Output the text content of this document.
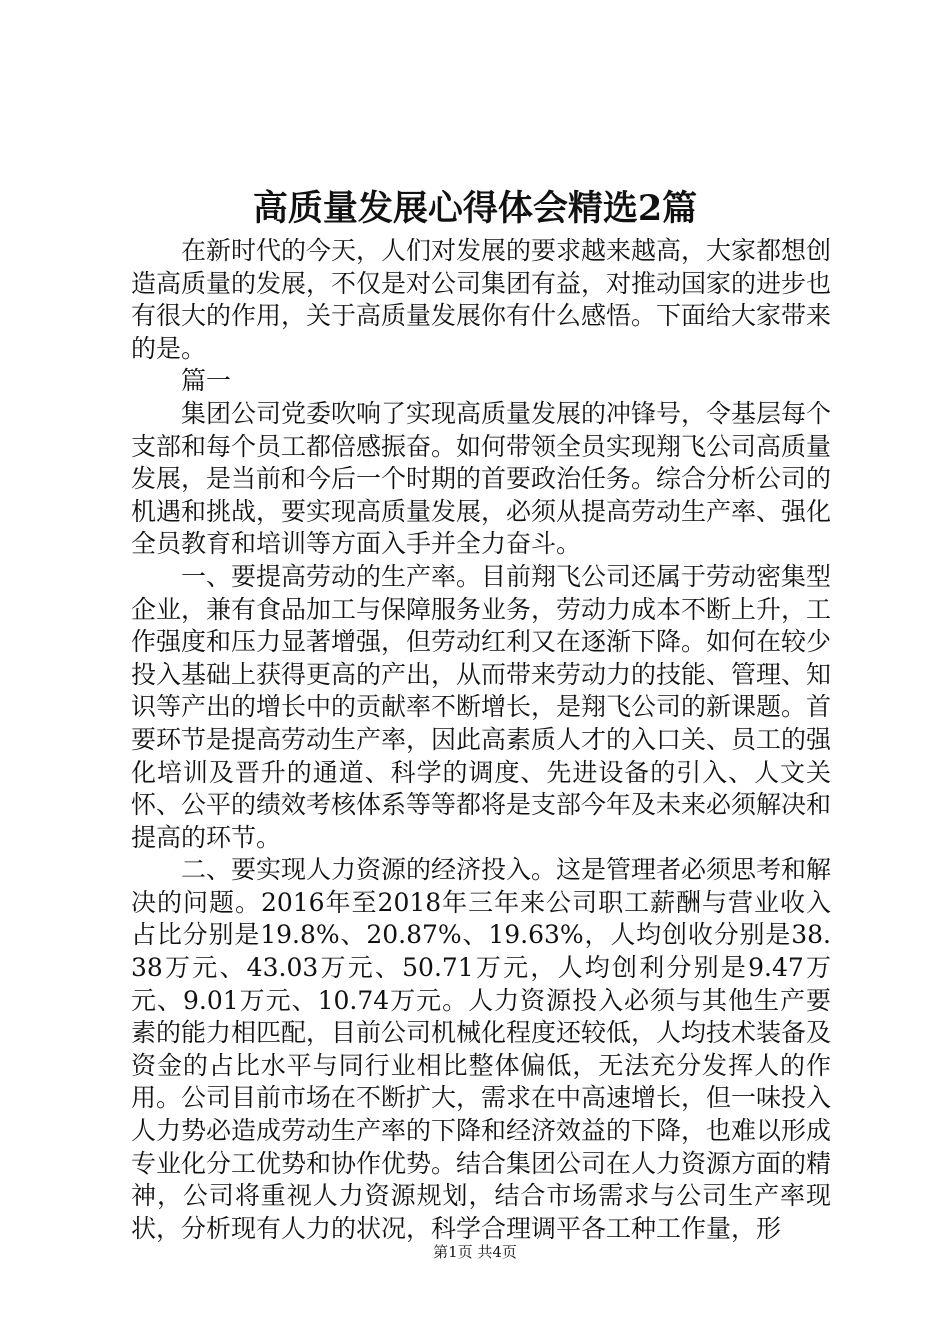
高质量发展心得体会精选2篇

在新时代的今天，人们对发展的要求越来越高，大家都想创造高质量的发展，不仅是对公司集团有益，对推动国家的进步也有很大的作用，关于高质量发展你有什么感悟。下面给大家带来的是。

篇一

集团公司党委吹响了实现高质量发展的冲锋号，令基层每个支部和每个员工都倍感振奋。如何带领全员实现翔飞公司高质量发展，是当前和今后一个时期的首要政治任务。综合分析公司的机遇和挑战，要实现高质量发展，必须从提高劳动生产率、强化全员教育和培训等方面入手并全力奋斗。

一、要提高劳动的生产率。目前翔飞公司还属于劳动密集型企业，兼有食品加工与保障服务业务，劳动力成本不断上升，工作强度和压力显著增强，但劳动红利又在逐渐下降。如何在较少投入基础上获得更高的产出，从而带来劳动力的技能、管理、知识等产出的增长中的贡献率不断增长，是翔飞公司的新课题。首要环节是提高劳动生产率，因此高素质人才的入口关、员工的强化培训及晋升的通道、科学的调度、先进设备的引入、人文关怀、公平的绩效考核体系等等都将是支部今年及未来必须解决和提高的环节。

二、要实现人力资源的经济投入。这是管理者必须思考和解决的问题。2016年至2018年三年来公司职工薪酬与营业收入占比分别是19.8%、20.87%、19.63%，人均创收分别是38.38万元、43.03万元、50.71万元，人均创利分别是9.47万元、9.01万元、10.74万元。人力资源投入必须与其他生产要素的能力相匹配，目前公司机械化程度还较低，人均技术装备及资金的占比水平与同行业相比整体偏低，无法充分发挥人的作用。公司目前市场在不断扩大，需求在中高速增长，但一味投入人力势必造成劳动生产率的下降和经济效益的下降，也难以形成专业化分工优势和协作优势。结合集团公司在人力资源方面的精神，公司将重视人力资源规划，结合市场需求与公司生产率现状，分析现有人力的状况，科学合理调平各工种工作量，形

第1页 共4页
